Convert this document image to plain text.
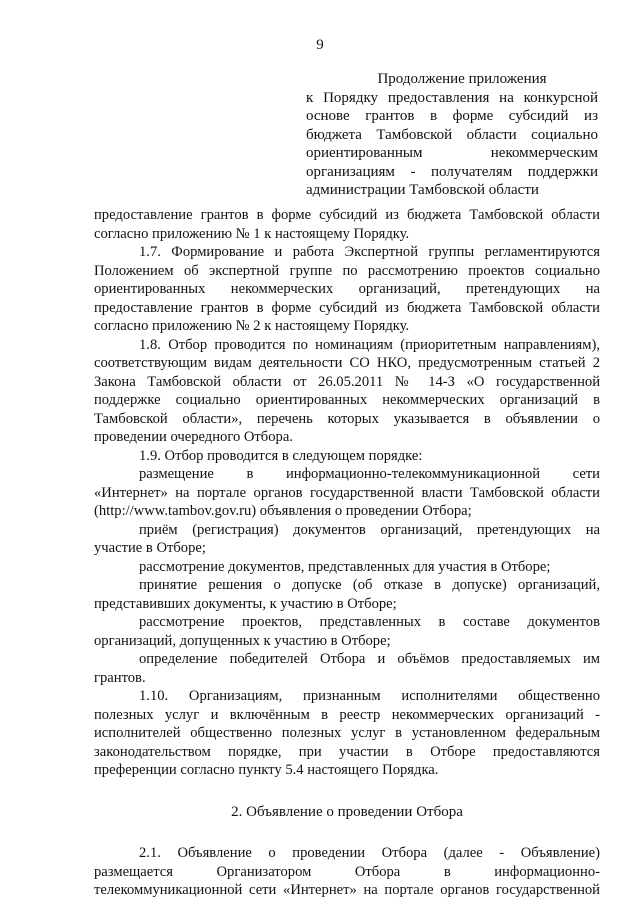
9
Продолжение приложения
к Порядку предоставления на конкурсной
основе грантов в форме субсидий из
бюджета Тамбовской области социально
ориентированным некоммерческим
организациям - получателям поддержки
администрации Тамбовской области

предоставление грантов в форме субсидий из бюджета Тамбовской области
согласно приложению № 1 к настоящему Порядку.

1.7. Формирование и работа Экспертной группы регламентируются
Положением об экспертной группе по рассмотрению проектов социально
ориентированных некоммерческих организаций, претендующих на
предоставление грантов в форме субсидий из бюджета Тамбовской области
согласно приложению № 2 к настоящему Порядку.

1.8. Отбор проводится по номинациям (приоритетным направлениям),
соответствующим видам деятельности СО НКО, предусмотренным статьей 2
Закона Тамбовской области от 26.05.2011 № 14-З «О государственной
поддержке социально ориентированных некоммерческих организаций в
Тамбовской области», перечень которых указывается в объявлении о
проведении очередного Отбора.

1.9. Отбор проводится в следующем порядке:

размещение в информационно-телекоммуникационной сети
«Интернет» на портале органов государственной власти Тамбовской области
(http://www.tambov.gov.ru) объявления о проведении Отбора;

приём (регистрация) документов организаций, претендующих на
участие в Отборе;

рассмотрение документов, представленных для участия в Отборе;

принятие решения о допуске (об отказе в допуске) организаций,
представивших документы, к участию в Отборе;

рассмотрение проектов, представленных в составе документов
организаций, допущенных к участию в Отборе;

определение победителей Отбора и объёмов предоставляемых им
грантов.

1.10. Организациям, признанным исполнителями общественно
полезных услуг и включённым в реестр некоммерческих организаций -
исполнителей общественно полезных услуг в установленном федеральным
законодательством порядке, при участии в Отборе предоставляются
преференции согласно пункту 5.4 настоящего Порядка.

2. Объявление о проведении Отбора

2.1. Объявление о проведении Отбора (далее - Объявление)
размещается Организатором Отбора в информационно-
телекоммуникационной сети «Интернет» на портале органов государственной
